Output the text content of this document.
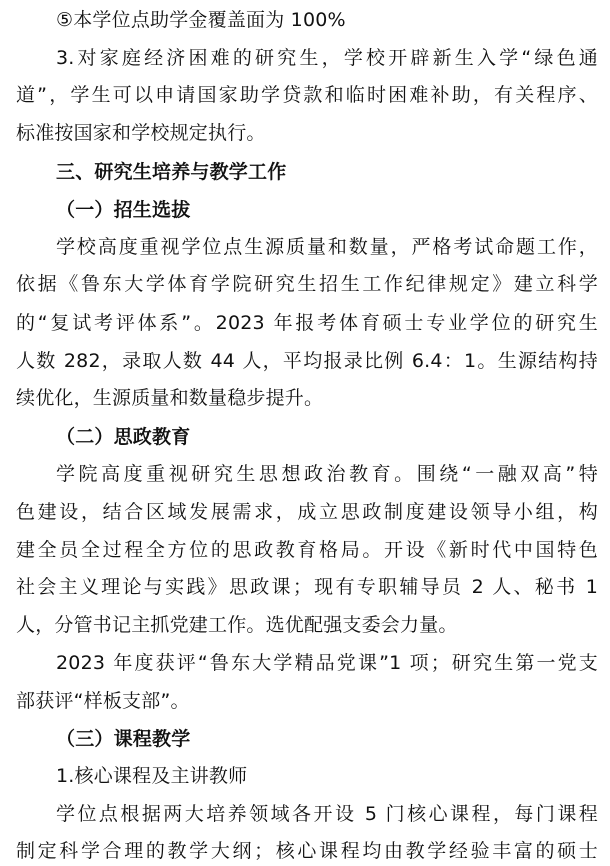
⑤本学位点助学金覆盖面为 100%
3.对家庭经济困难的研究生，学校开辟新生入学“绿色通
道”，学生可以申请国家助学贷款和临时困难补助，有关程序、
标准按国家和学校规定执行。
三、研究生培养与教学工作
（一）招生选拔
学校高度重视学位点生源质量和数量，严格考试命题工作，
依据《鲁东大学体育学院研究生招生工作纪律规定》建立科学
的“复试考评体系”。2023 年报考体育硕士专业学位的研究生
人数 282，录取人数 44 人，平均报录比例 6.4：1。生源结构持
续优化，生源质量和数量稳步提升。
（二）思政教育
学院高度重视研究生思想政治教育。围绕“一融双高”特
色建设，结合区域发展需求，成立思政制度建设领导小组，构
建全员全过程全方位的思政教育格局。开设《新时代中国特色
社会主义理论与实践》思政课；现有专职辅导员 2 人、秘书 1
人，分管书记主抓党建工作。选优配强支委会力量。
2023 年度获评“鲁东大学精品党课”1 项；研究生第一党支
部获评“样板支部”。
（三）课程教学
1.核心课程及主讲教师
学位点根据两大培养领域各开设 5 门核心课程，每门课程
制定科学合理的教学大纲；核心课程均由教学经验丰富的硕士
